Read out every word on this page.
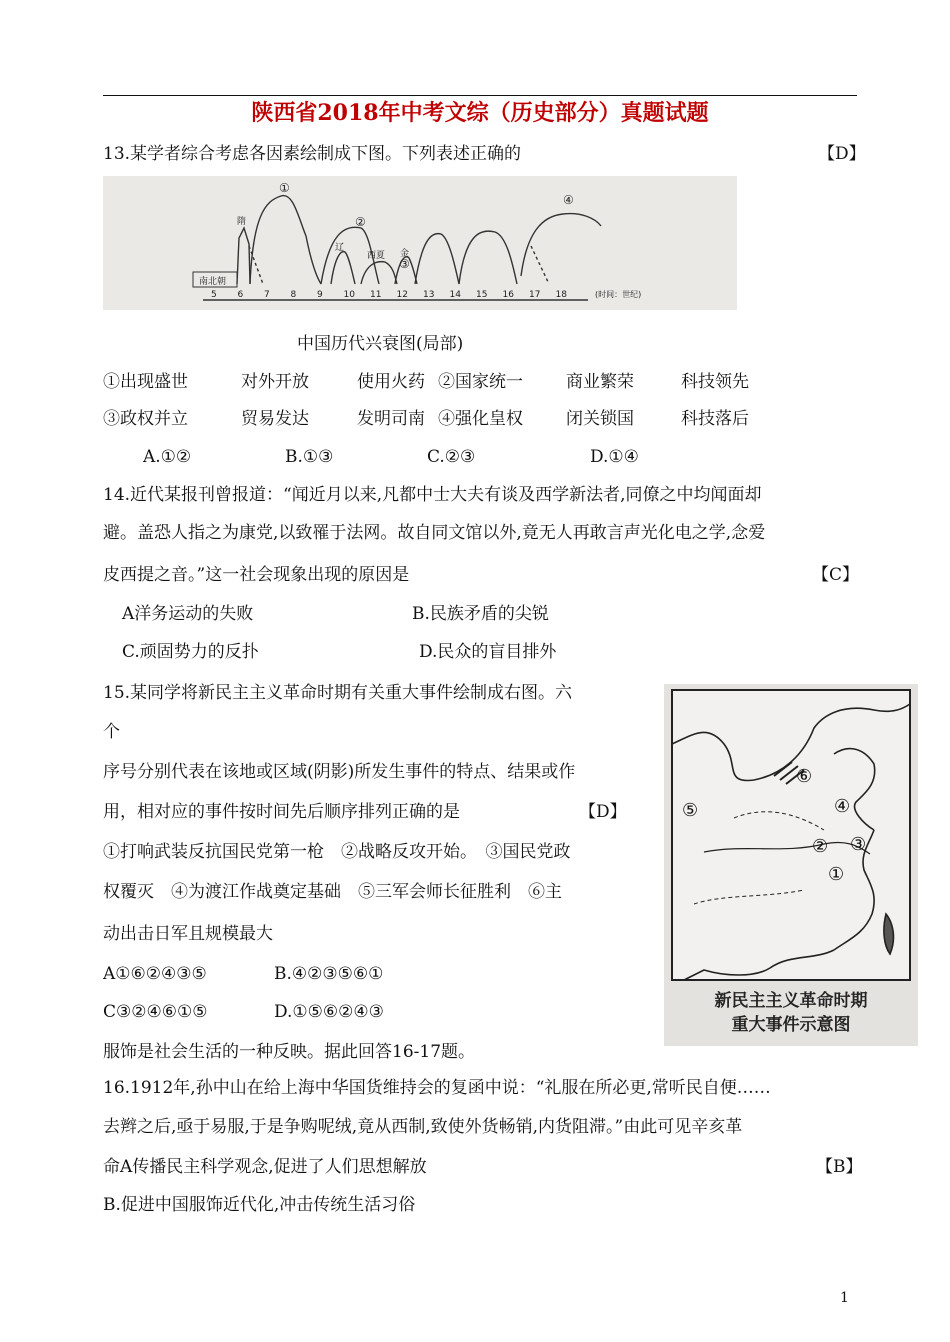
陕西省2018年中考文综（历史部分）真题试题
13.某学者综合考虑各因素绘制成下图。下列表述正确的	【D】
南北朝
隋
辽
西夏 金
①
②
③
④
5 6 7 8 9 10 11 12 13 14 15 16 17 18	(时间：世纪)
中国历代兴衰图(局部)
①出现盛世	对外开放	使用火药 ②国家统一	商业繁荣	科技领先
③政权并立	贸易发达	发明司南 ④强化皇权	闭关锁国	科技落后
A.①②	B.①③	C.②③	D.①④
14.近代某报刊曾报道：“闻近月以来,凡都中士大夫有谈及西学新法者,同僚之中均闻面却
避。盖恐人指之为康党,以致罹于法网。故自同文馆以外,竟无人再敢言声光化电之学,念爱
皮西提之音。”这一社会现象出现的原因是	【C】
A洋务运动的失败	B.民族矛盾的尖锐
C.顽固势力的反扑	D.民众的盲目排外
15.某同学将新民主主义革命时期有关重大事件绘制成右图。六
个
序号分别代表在该地或区域(阴影)所发生事件的特点、结果或作
用，相对应的事件按时间先后顺序排列正确的是	【D】
①打响武装反抗国民党第一枪　②战略反攻开始。　③国民党政
权覆灭　④为渡江作战奠定基础　⑤三军会师长征胜利　⑥主
动出击日军且规模最大
A①⑥②④③⑤	B.④②③⑤⑥①
C③②④⑥①⑤	D.①⑤⑥②④③
⑥
④
⑤
② ③
①
新民主主义革命时期
重大事件示意图
服饰是社会生活的一种反映。据此回答16-17题。
16.1912年,孙中山在给上海中华国货维持会的复函中说：“礼服在所必更,常听民自便……
去辫之后,亟于易服,于是争购呢绒,竟从西制,致使外货畅销,内货阻滞。”由此可见辛亥革
命A传播民主科学观念,促进了人们思想解放	【B】
B.促进中国服饰近代化,冲击传统生活习俗
1
